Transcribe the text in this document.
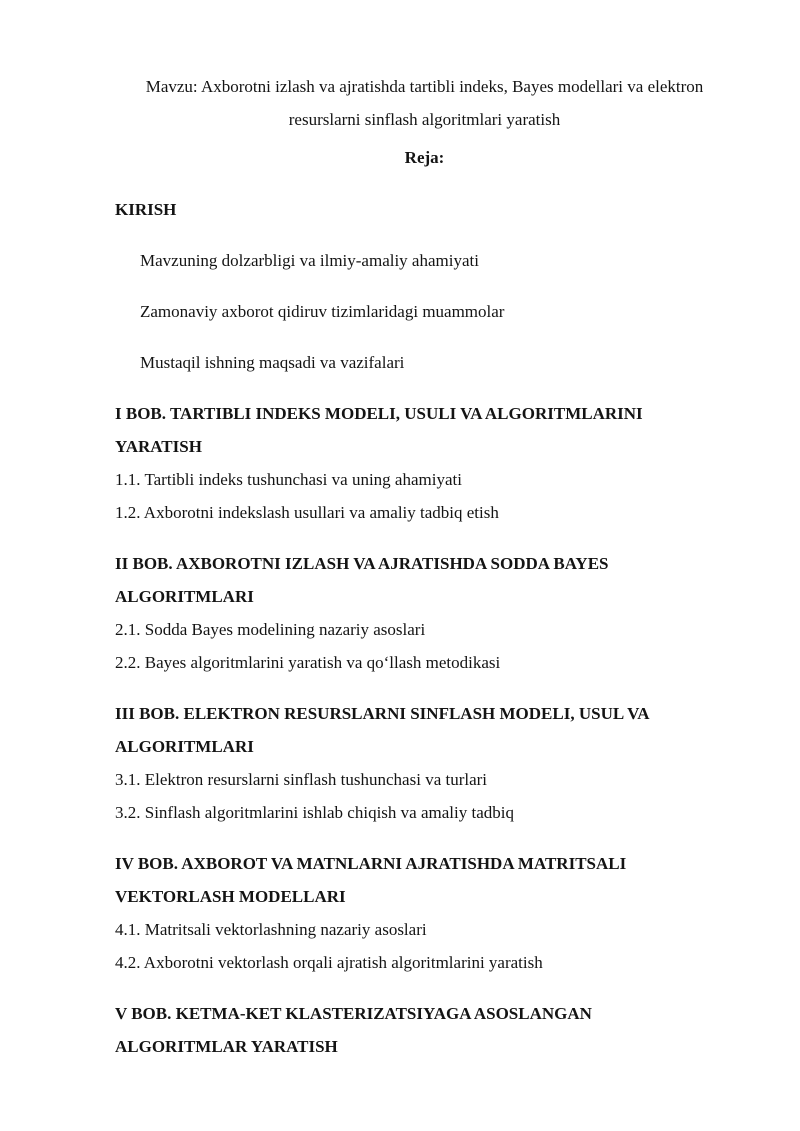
Mavzu: Axborotni izlash va ajratishda tartibli indeks, Bayes modellari va elektron
resurslarni sinflash algoritmlari yaratish
Reja:
KIRISH
Mavzuning dolzarbligi va ilmiy-amaliy ahamiyati
Zamonaviy axborot qidiruv tizimlaridagi muammolar
Mustaqil ishning maqsadi va vazifalari
I BOB. TARTIBLI INDEKS MODELI, USULI VA ALGORITMLARINI
YARATISH
1.1. Tartibli indeks tushunchasi va uning ahamiyati
1.2. Axborotni indekslash usullari va amaliy tadbiq etish
II BOB. AXBOROTNI IZLASH VA AJRATISHDA SODDA BAYES
ALGORITMLARI
2.1. Sodda Bayes modelining nazariy asoslari
2.2. Bayes algoritmlarini yaratish va qo‘llash metodikasi
III BOB. ELEKTRON RESURSLARNI SINFLASH MODELI, USUL VA
ALGORITMLARI
3.1. Elektron resurslarni sinflash tushunchasi va turlari
3.2. Sinflash algoritmlarini ishlab chiqish va amaliy tadbiq
IV BOB. AXBOROT VA MATNLARNI AJRATISHDA MATRITSALI
VEKTORLASH MODELLARI
4.1. Matritsali vektorlashning nazariy asoslari
4.2. Axborotni vektorlash orqali ajratish algoritmlarini yaratish
V BOB. KETMA-KET KLASTERIZATSIYAGA ASOSLANGAN
ALGORITMLAR YARATISH
